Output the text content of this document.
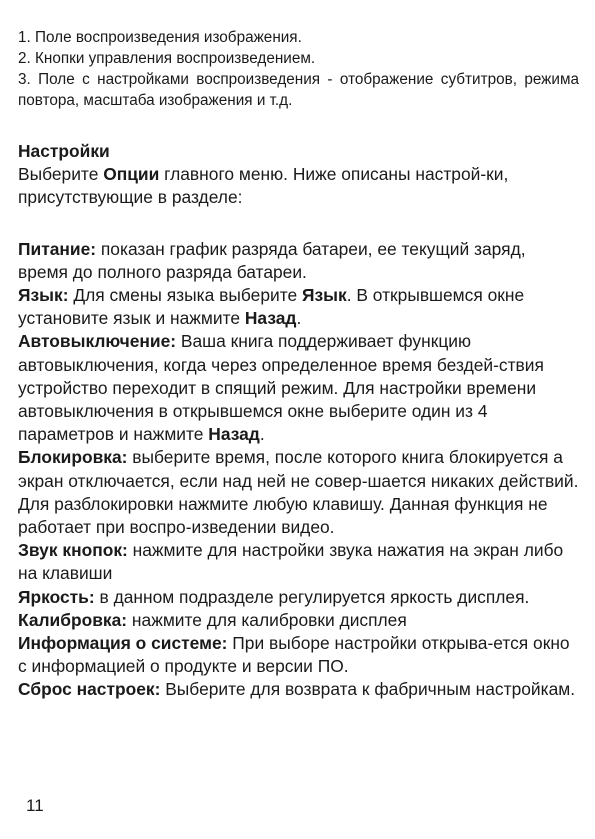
1. Поле воспроизведения изображения.

2. Кнопки управления воспроизведением.

3. Поле с настройками воспроизведения - отображение субтитров, режима повтора, масштаба изображения и т.д.

Настройки

Выберите Опции главного меню. Ниже описаны настрой-ки, присутствующие в разделе:

Питание: показан график разряда батареи, ее текущий заряд, время до полного разряда батареи.

Язык: Для смены языка выберите Язык. В открывшемся окне установите язык и нажмите Назад.

Автовыключение: Ваша книга поддерживает функцию автовыключения, когда через определенное время бездей-ствия устройство переходит в спящий режим. Для настройки времени автовыключения в открывшемся окне выберите один из 4 параметров и нажмите Назад.

Блокировка: выберите время, после которого книга блокируется а экран отключается, если над ней не совер-шается никаких действий. Для разблокировки нажмите любую клавишу. Данная функция не работает при воспро-изведении видео.

Звук кнопок: нажмите для настройки звука нажатия на экран либо на клавиши

Яркость: в данном подразделе регулируется яркость дисплея.

Калибровка: нажмите для калибровки дисплея

Информация о системе: При выборе настройки открыва-ется окно с информацией о продукте и версии ПО.

Сброс настроек: Выберите для возврата к фабричным настройкам.

11
